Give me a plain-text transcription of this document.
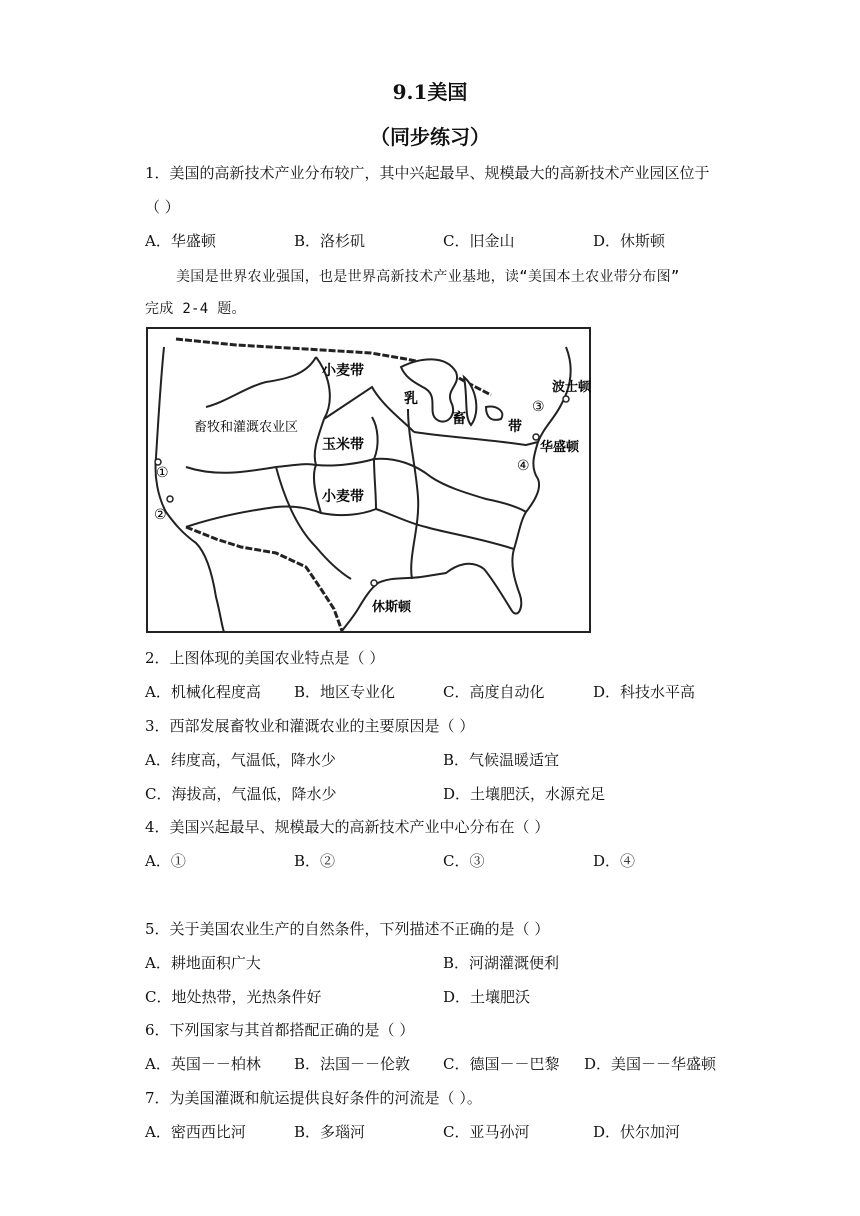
9.1美国
（同步练习）
1．美国的高新技术产业分布较广，其中兴起最早、规模最大的高新技术产业园区位于
（ ）
A．华盛顿	B．洛杉矶	C．旧金山	D．休斯顿
美国是世界农业强国，也是世界高新技术产业基地，读“美国本土农业带分布图”
完成 2-4 题。
小麦带
畜牧和灌溉农业区
玉米带
小麦带
乳
畜	带
波士顿
华盛顿
休斯顿
①
②
③
④
2．上图体现的美国农业特点是（ ）
A．机械化程度高 B．地区专业化	C．高度自动化	D．科技水平高
3．西部发展畜牧业和灌溉农业的主要原因是（ ）
A．纬度高，气温低，降水少	B．气候温暖适宜
C．海拔高，气温低，降水少	D．土壤肥沃，水源充足
4．美国兴起最早、规模最大的高新技术产业中心分布在（ ）
A．①	B．②	C．③	D．④
5．关于美国农业生产的自然条件，下列描述不正确的是（ ）
A．耕地面积广大	B．河湖灌溉便利
C．地处热带，光热条件好	D．土壤肥沃
6．下列国家与其首都搭配正确的是（ ）
A．英国－－柏林 B．法国－－伦敦 C．德国－－巴黎 D．美国－－华盛顿
7．为美国灌溉和航运提供良好条件的河流是（ ）。
A．密西西比河	B．多瑙河	C．亚马孙河	D．伏尔加河
